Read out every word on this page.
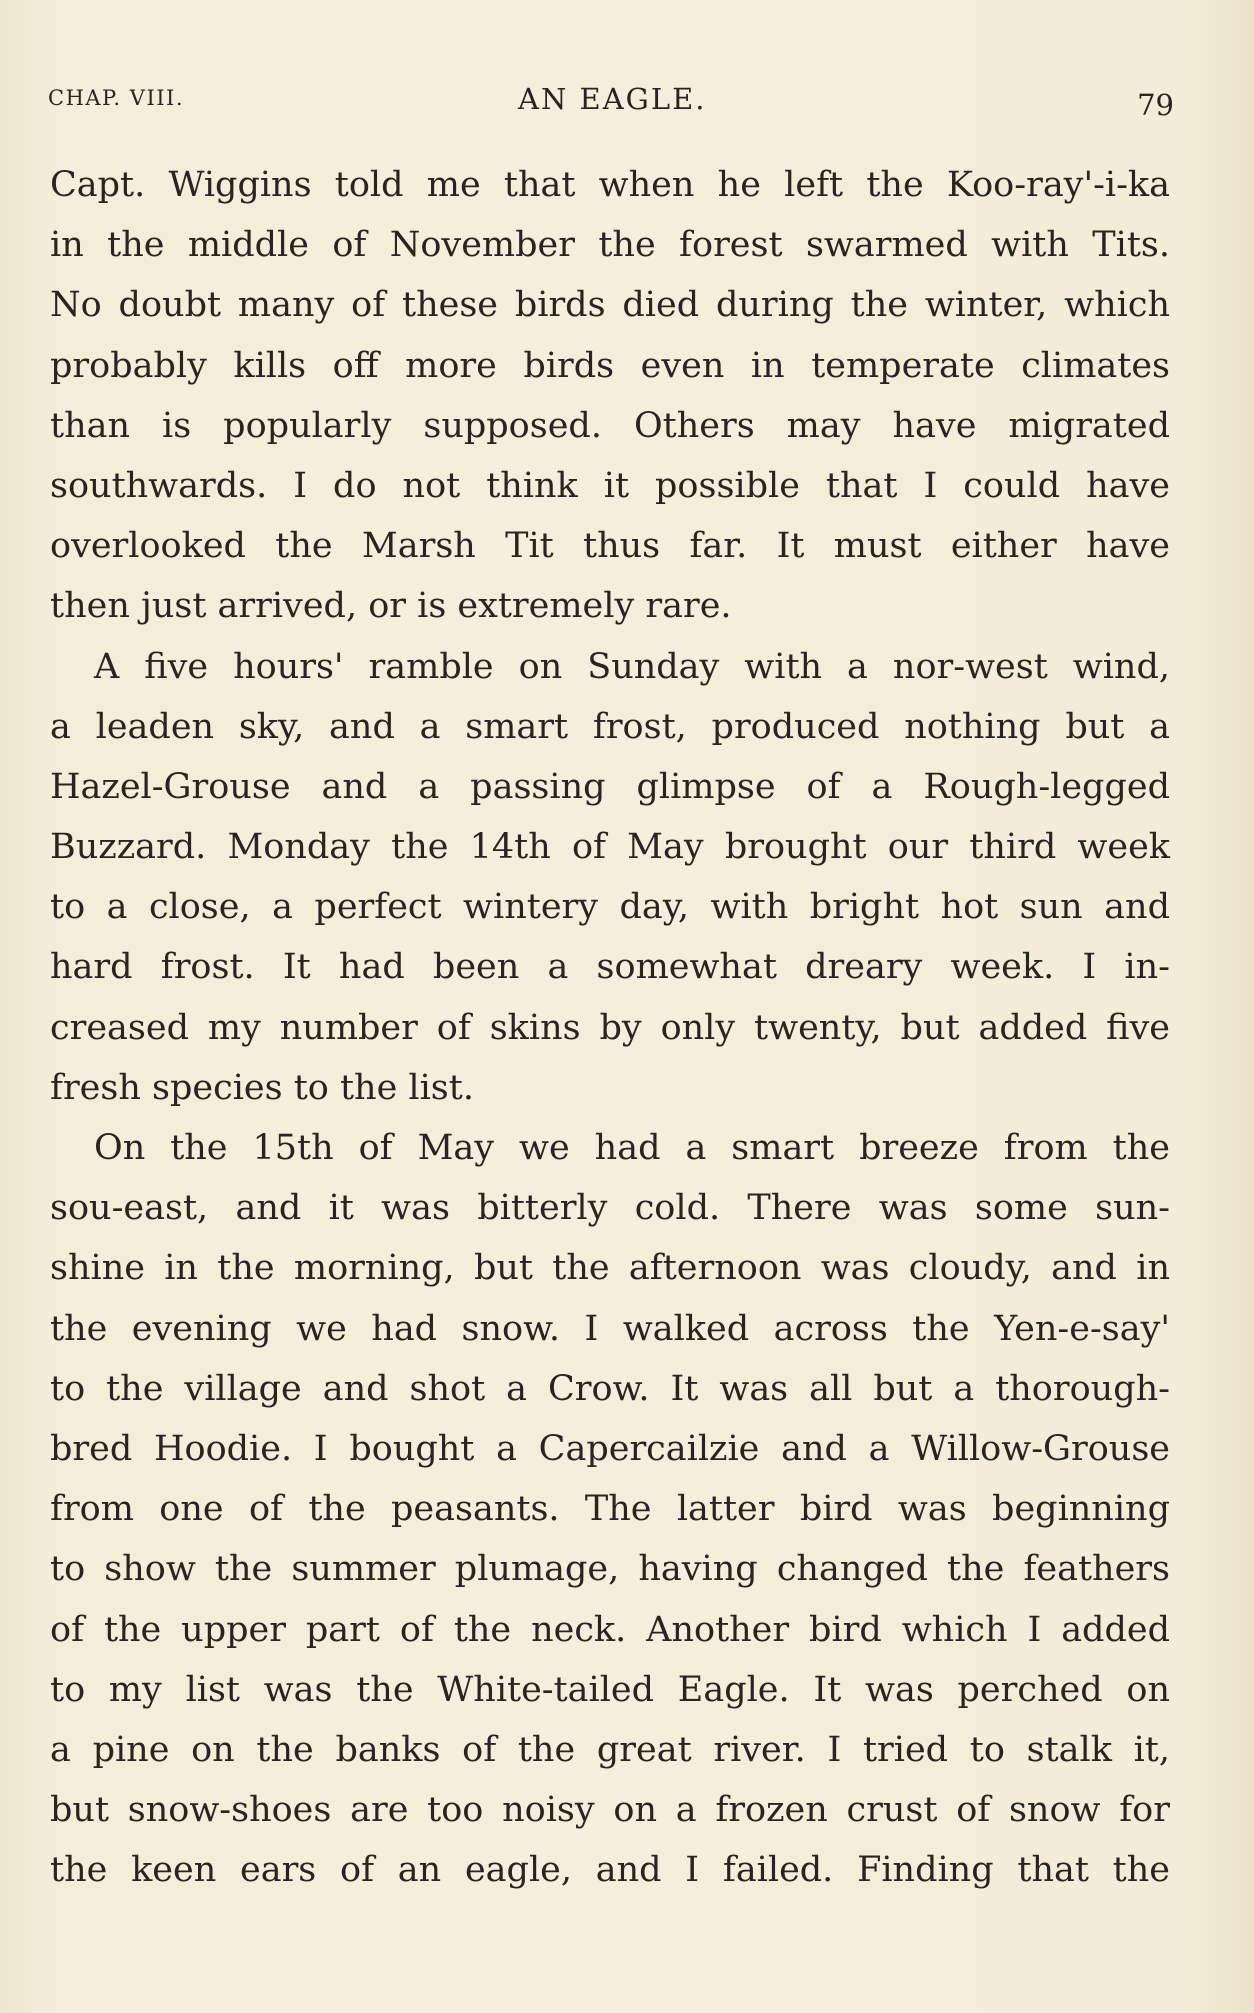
CHAP. VIII.	AN EAGLE.	79
Capt. Wiggins told me that when he left the Koo-ray'-i-ka
in the middle of November the forest swarmed with Tits.
No doubt many of these birds died during the winter, which
probably kills off more birds even in temperate climates
than is popularly supposed. Others may have migrated
southwards. I do not think it possible that I could have
overlooked the Marsh Tit thus far. It must either have
then just arrived, or is extremely rare.
A five hours' ramble on Sunday with a nor-west wind,
a leaden sky, and a smart frost, produced nothing but a
Hazel-Grouse and a passing glimpse of a Rough-legged
Buzzard. Monday the 14th of May brought our third week
to a close, a perfect wintery day, with bright hot sun and
hard frost. It had been a somewhat dreary week. I in-
creased my number of skins by only twenty, but added five
fresh species to the list.
On the 15th of May we had a smart breeze from the
sou-east, and it was bitterly cold. There was some sun-
shine in the morning, but the afternoon was cloudy, and in
the evening we had snow. I walked across the Yen-e-say'
to the village and shot a Crow. It was all but a thorough-
bred Hoodie. I bought a Capercailzie and a Willow-Grouse
from one of the peasants. The latter bird was beginning
to show the summer plumage, having changed the feathers
of the upper part of the neck. Another bird which I added
to my list was the White-tailed Eagle. It was perched on
a pine on the banks of the great river. I tried to stalk it,
but snow-shoes are too noisy on a frozen crust of snow for
the keen ears of an eagle, and I failed. Finding that the
